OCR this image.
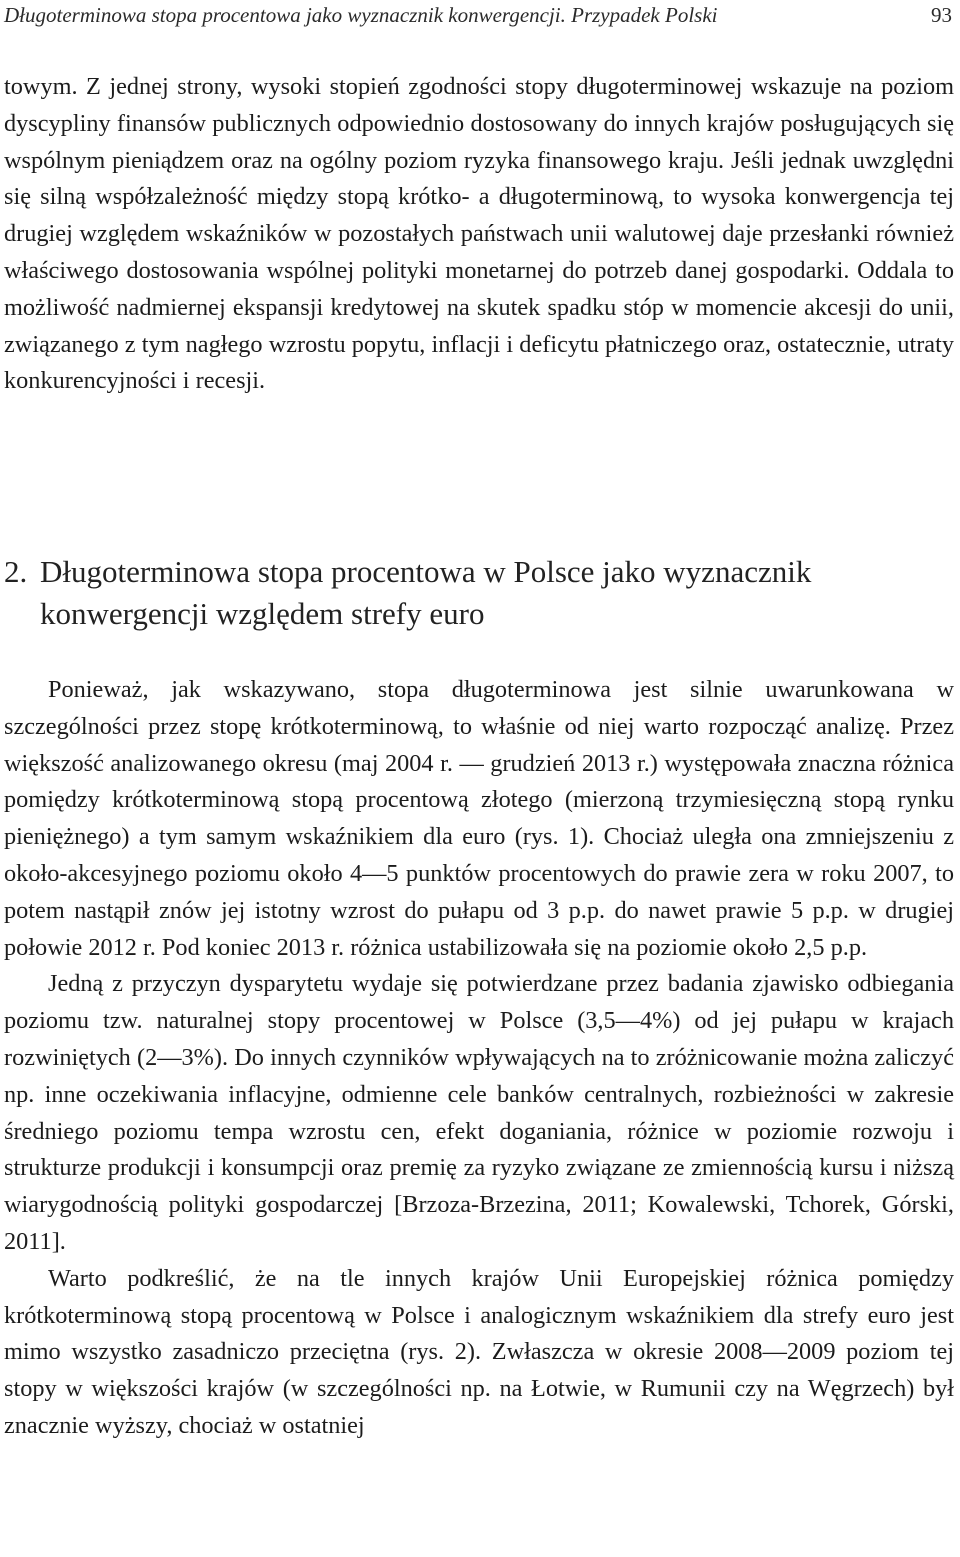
Długoterminowa stopa procentowa jako wyznacznik konwergencji. Przypadek Polski	93

towym. Z jednej strony, wysoki stopień zgodności stopy długoterminowej wskazuje na poziom dyscypliny finansów publicznych odpowiednio dostosowany do innych krajów posługujących się wspólnym pieniądzem oraz na ogólny poziom ryzyka finansowego kraju. Jeśli jednak uwzględni się silną współzależność między stopą krótko- a długoterminową, to wysoka konwergencja tej drugiej względem wskaźników w pozostałych państwach unii walutowej daje przesłanki również właściwego dostosowania wspólnej polityki monetarnej do potrzeb danej gospodarki. Oddala to możliwość nadmiernej ekspansji kredytowej na skutek spadku stóp w momencie akcesji do unii, związanego z tym nagłego wzrostu popytu, inflacji i deficytu płatniczego oraz, ostatecznie, utraty konkurencyjności i recesji.

2. Długoterminowa stopa procentowa w Polsce jako wyznacznik konwergencji względem strefy euro

Ponieważ, jak wskazywano, stopa długoterminowa jest silnie uwarunkowana w szczególności przez stopę krótkoterminową, to właśnie od niej warto rozpocząć analizę. Przez większość analizowanego okresu (maj 2004 r. — grudzień 2013 r.) występowała znaczna różnica pomiędzy krótkoterminową stopą procentową złotego (mierzoną trzymiesięczną stopą rynku pieniężnego) a tym samym wskaźnikiem dla euro (rys. 1). Chociaż uległa ona zmniejszeniu z około-akcesyjnego poziomu około 4—5 punktów procentowych do prawie zera w roku 2007, to potem nastąpił znów jej istotny wzrost do pułapu od 3 p.p. do nawet prawie 5 p.p. w drugiej połowie 2012 r. Pod koniec 2013 r. różnica ustabilizowała się na poziomie około 2,5 p.p.

Jedną z przyczyn dysparytetu wydaje się potwierdzane przez badania zjawisko odbiegania poziomu tzw. naturalnej stopy procentowej w Polsce (3,5—4%) od jej pułapu w krajach rozwiniętych (2—3%). Do innych czynników wpływających na to zróżnicowanie można zaliczyć np. inne oczekiwania inflacyjne, odmienne cele banków centralnych, rozbieżności w zakresie średniego poziomu tempa wzrostu cen, efekt doganiania, różnice w poziomie rozwoju i strukturze produkcji i konsumpcji oraz premię za ryzyko związane ze zmiennością kursu i niższą wiarygodnością polityki gospodarczej [Brzoza-Brzezina, 2011; Kowalewski, Tchorek, Górski, 2011].

Warto podkreślić, że na tle innych krajów Unii Europejskiej różnica pomiędzy krótkoterminową stopą procentową w Polsce i analogicznym wskaźnikiem dla strefy euro jest mimo wszystko zasadniczo przeciętna (rys. 2). Zwłaszcza w okresie 2008—2009 poziom tej stopy w większości krajów (w szczególności np. na Łotwie, w Rumunii czy na Węgrzech) był znacznie wyższy, chociaż w ostatniej
